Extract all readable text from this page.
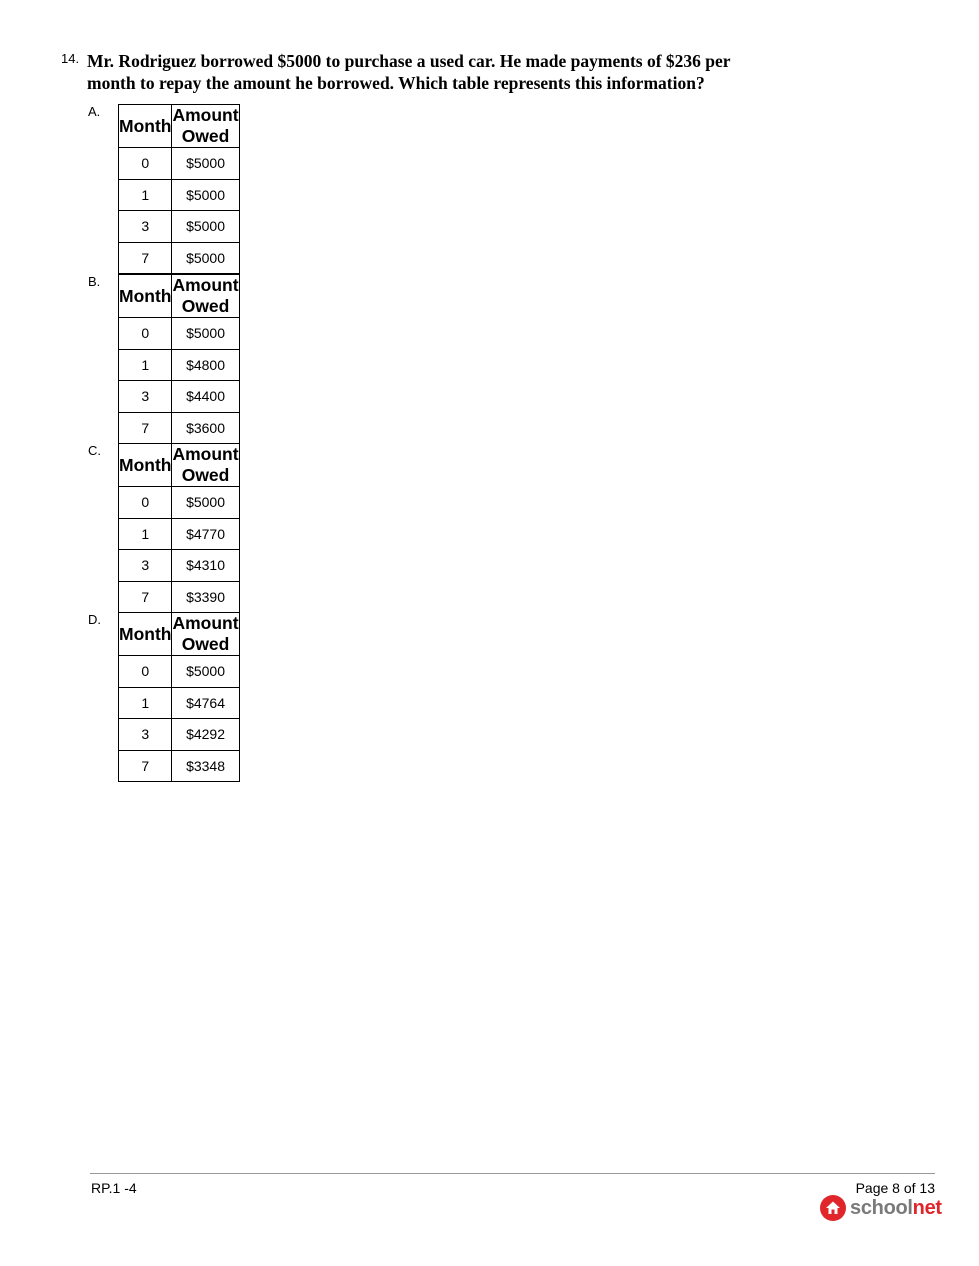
14. Mr. Rodriguez borrowed $5000 to purchase a used car. He made payments of $236 per month to repay the amount he borrowed. Which table represents this information?
A.
Month	Amount Owed
0	$5000
1	$5000
3	$5000
7	$5000
B.
Month	Amount Owed
0	$5000
1	$4800
3	$4400
7	$3600
C.
Month	Amount Owed
0	$5000
1	$4770
3	$4310
7	$3390
D.
Month	Amount Owed
0	$5000
1	$4764
3	$4292
7	$3348
RP.1 -4	Page 8 of 13
schoolnet
